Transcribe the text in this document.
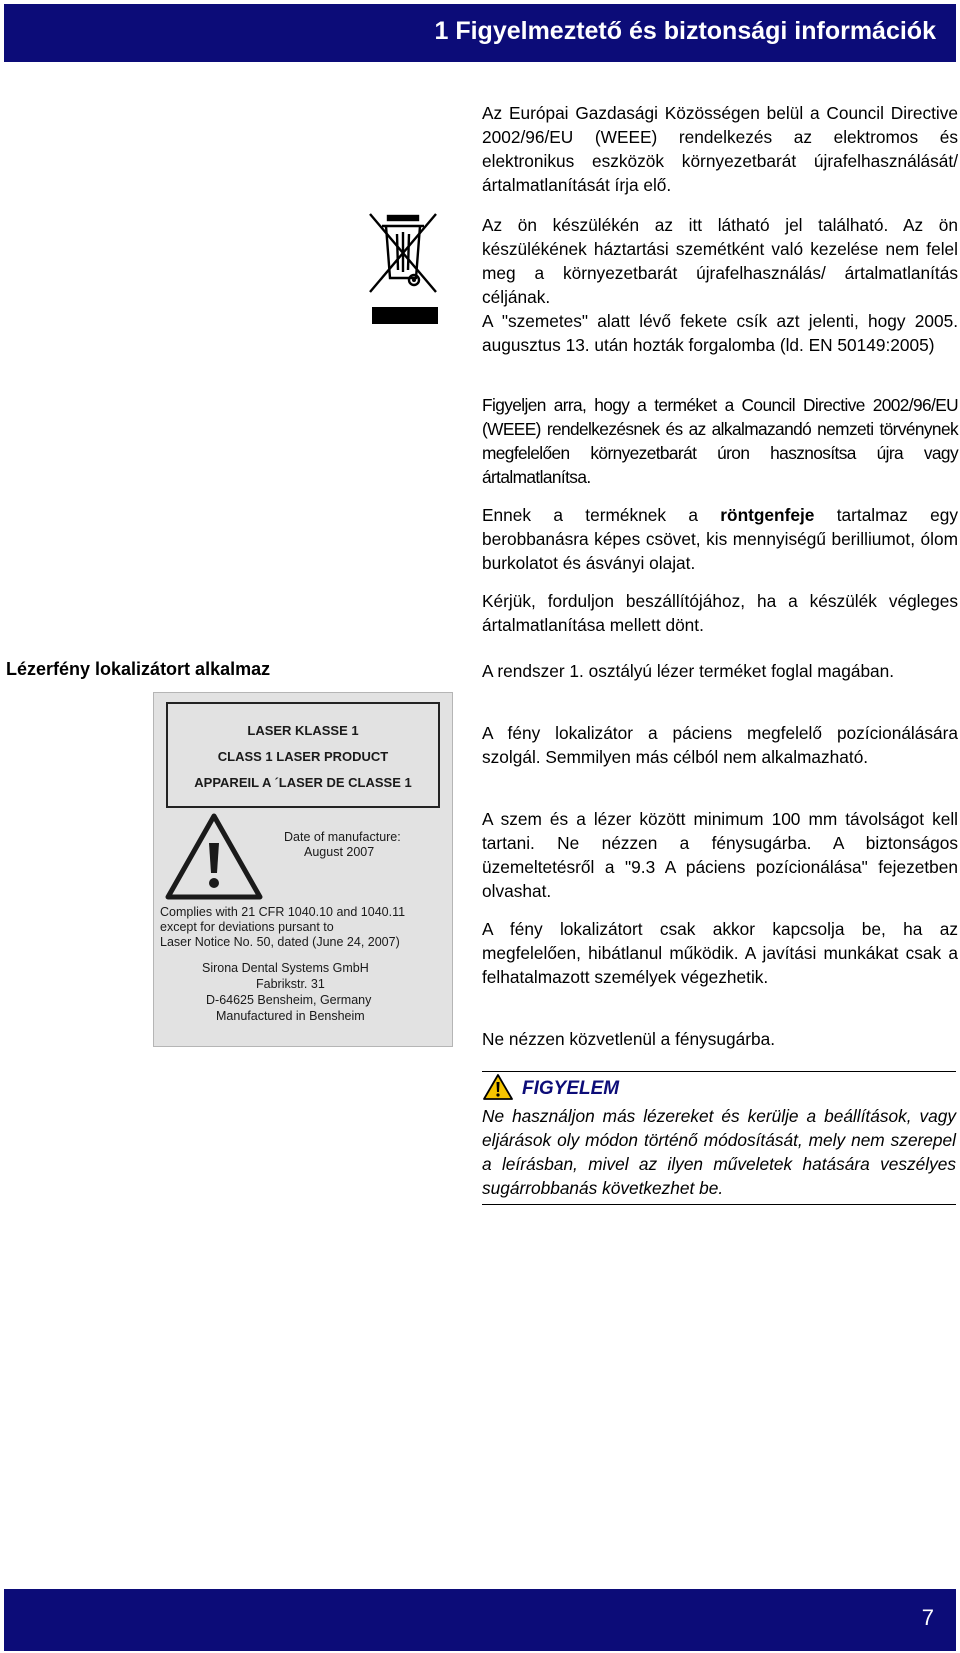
1 Figyelmeztető és biztonsági információk

Az Európai Gazdasági Közösségen belül a Council Directive 2002/96/EU (WEEE) rendelkezés az elektromos és elektronikus eszközök környezetbarát újrafelhasználását/ártalmatlanítását írja elő.

Az ön készülékén az itt látható jel található. Az ön készülékének háztartási szemétként való kezelése nem felel meg a környezetbarát újrafelhasználás/ ártalmatlanítás céljának.

A "szemetes" alatt lévő fekete csík azt jelenti, hogy 2005. augusztus 13. után hozták forgalomba (ld. EN 50149:2005)

Figyeljen arra, hogy a terméket a Council Directive 2002/96/EU (WEEE) rendelkezésnek és az alkalmazandó nemzeti törvénynek megfelelően környezetbarát úron hasznosítsa újra vagy ártalmatlanítsa.

Ennek a terméknek a röntgenfeje tartalmaz egy berobbanásra képes csövet, kis mennyiségű berilliumot, ólom burkolatot és ásványi olajat.

Kérjük, forduljon beszállítójához, ha a készülék végleges ártalmatlanítása mellett dönt.

Lézerfény lokalizátort alkalmaz	A rendszer 1. osztályú lézer terméket foglal magában.

A fény lokalizátor a páciens megfelelő pozícionálására szolgál. Semmilyen más célból nem alkalmazható.

A szem és a lézer között minimum 100 mm távolságot kell tartani. Ne nézzen a fénysugárba. A biztonságos üzemeltetésről a "9.3 A páciens pozícionálása" fejezetben olvashat.

A fény lokalizátort csak akkor kapcsolja be, ha az megfelelően, hibátlanul működik. A javítási munkákat csak a felhatalmazott személyek végezhetik.

Ne nézzen közvetlenül a fénysugárba.

LASER KLASSE 1
CLASS 1 LASER PRODUCT
APPAREIL A ´LASER DE CLASSE 1
Date of manufacture:
August 2007
Complies with 21 CFR 1040.10 and 1040.11
except for deviations pursant to
Laser Notice No. 50, dated (June 24, 2007)
Sirona Dental Systems GmbH
Fabrikstr. 31
D-64625 Bensheim, Germany
Manufactured in Bensheim
FIGYELEM
Ne használjon más lézereket és kerülje a beállítások, vagy eljárások oly módon történő módosítását, mely nem szerepel a leírásban, mivel az ilyen műveletek hatására veszélyes sugárrobbanás következhet be.
7
